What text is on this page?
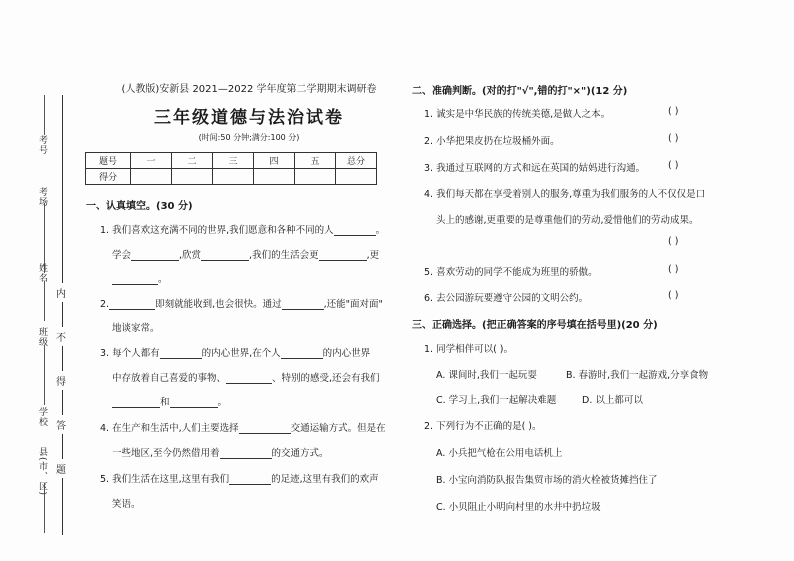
考号
考场
姓名
班级
学校
县(市、区)
内
不
得
答
题
(人教版)安新县 2021—2022 学年度第二学期期末调研卷
三年级道德与法治试卷
(时间:50 分钟;满分:100 分)
题号	一	二	三	四	五	总分
得分						
一、认真填空。(30 分)
1. 我们喜欢这充满不同的世界,我们愿意和各种不同的人	。
学会	,欣赏	,我们的生活会更	,更
。
2.	即刻就能收到,也会很快。通过	,还能"面对面"
地谈家常。
3. 每个人都有	的内心世界,在个人	的内心世界
中存放着自己喜爱的事物、	、特别的感受,还会有我们
和	。
4. 在生产和生活中,人们主要选择	交通运输方式。但是在
一些地区,至今仍然借用着	的交通方式。
5. 我们生活在这里,这里有我们	的足迹,这里有我们的欢声
笑语。
二、准确判断。(对的打"√",错的打"×")(12 分)
1. 诚实是中华民族的传统美德,是做人之本。	( )
2. 小华把果皮扔在垃圾桶外面。	( )
3. 我通过互联网的方式和远在英国的姑妈进行沟通。 ( )
4. 我们每天都在享受着别人的服务,尊重为我们服务的人不仅仅是口
头上的感谢,更重要的是尊重他们的劳动,爱惜他们的劳动成果。
( )
5. 喜欢劳动的同学不能成为班里的骄傲。	( )
6. 去公园游玩要遵守公园的文明公约。	( )
三、正确选择。(把正确答案的序号填在括号里)(20 分)
1. 同学相伴可以( )。
A. 课间时,我们一起玩耍	B. 春游时,我们一起游戏,分享食物
C. 学习上,我们一起解决难题	D. 以上都可以
2. 下列行为不正确的是( )。
A. 小兵把气枪在公用电话机上
B. 小宝向消防队报告集贸市场的消火栓被货摊挡住了
C. 小贝阻止小明向村里的水井中扔垃圾
